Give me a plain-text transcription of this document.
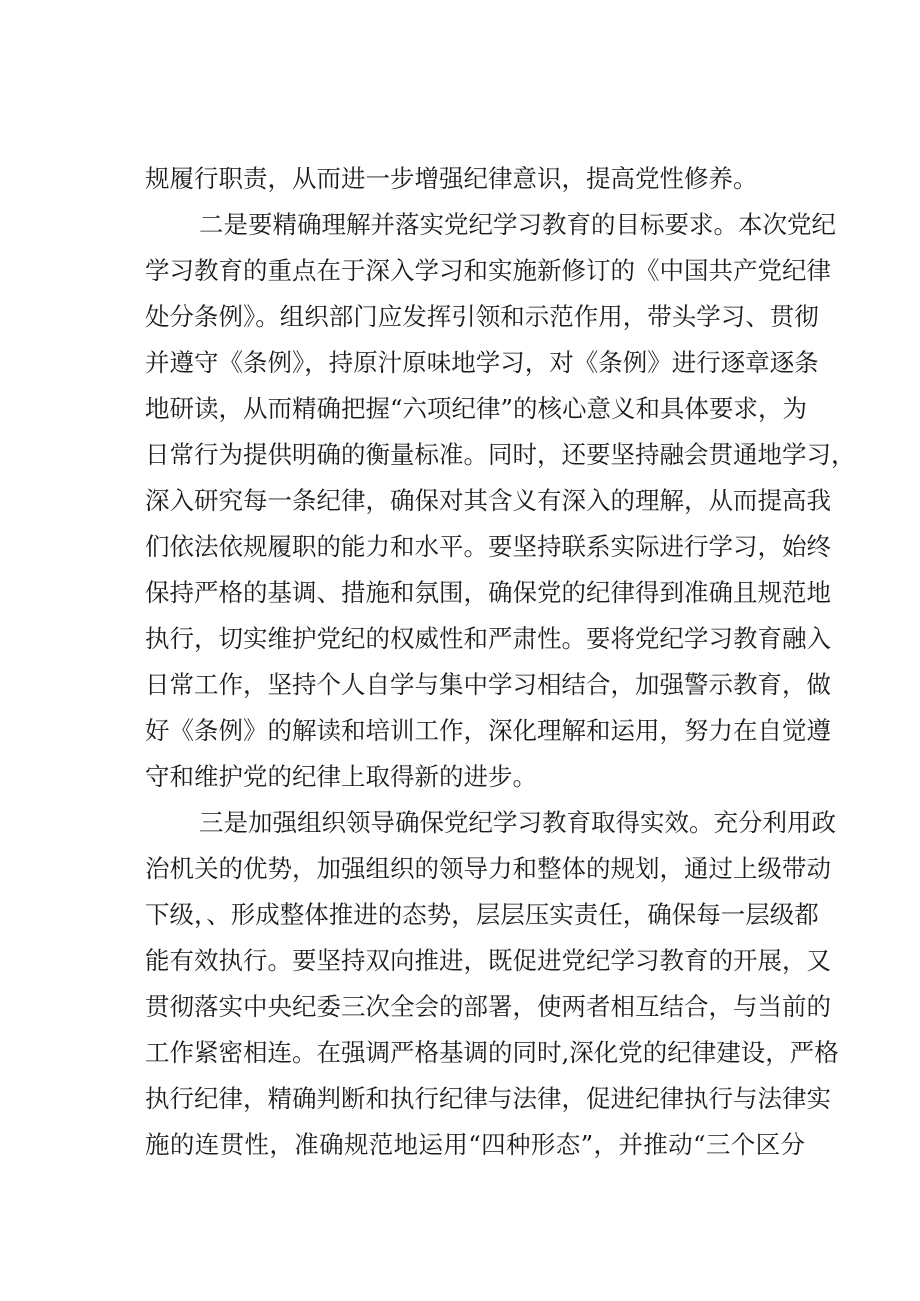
规履行职责，从而进一步增强纪律意识，提高党性修养。
二是要精确理解并落实党纪学习教育的目标要求。本次党纪
学习教育的重点在于深入学习和实施新修订的《中国共产党纪律
处分条例》。组织部门应发挥引领和示范作用，带头学习、贯彻
并遵守《条例》，持原汁原味地学习，对《条例》进行逐章逐条
地研读，从而精确把握“六项纪律”的核心意义和具体要求，为
日常行为提供明确的衡量标准。同时，还要坚持融会贯通地学习，
深入研究每一条纪律，确保对其含义有深入的理解，从而提高我
们依法依规履职的能力和水平。要坚持联系实际进行学习，始终
保持严格的基调、措施和氛围，确保党的纪律得到准确且规范地
执行，切实维护党纪的权威性和严肃性。要将党纪学习教育融入
日常工作，坚持个人自学与集中学习相结合，加强警示教育，做
好《条例》的解读和培训工作，深化理解和运用，努力在自觉遵
守和维护党的纪律上取得新的进步。
三是加强组织领导确保党纪学习教育取得实效。充分利用政
治机关的优势，加强组织的领导力和整体的规划，通过上级带动
下级，、形成整体推进的态势，层层压实责任，确保每一层级都
能有效执行。要坚持双向推进，既促进党纪学习教育的开展，又
贯彻落实中央纪委三次全会的部署，使两者相互结合，与当前的
工作紧密相连。在强调严格基调的同时,深化党的纪律建设，严格
执行纪律，精确判断和执行纪律与法律，促进纪律执行与法律实
施的连贯性，准确规范地运用“四种形态”，并推动“三个区分
